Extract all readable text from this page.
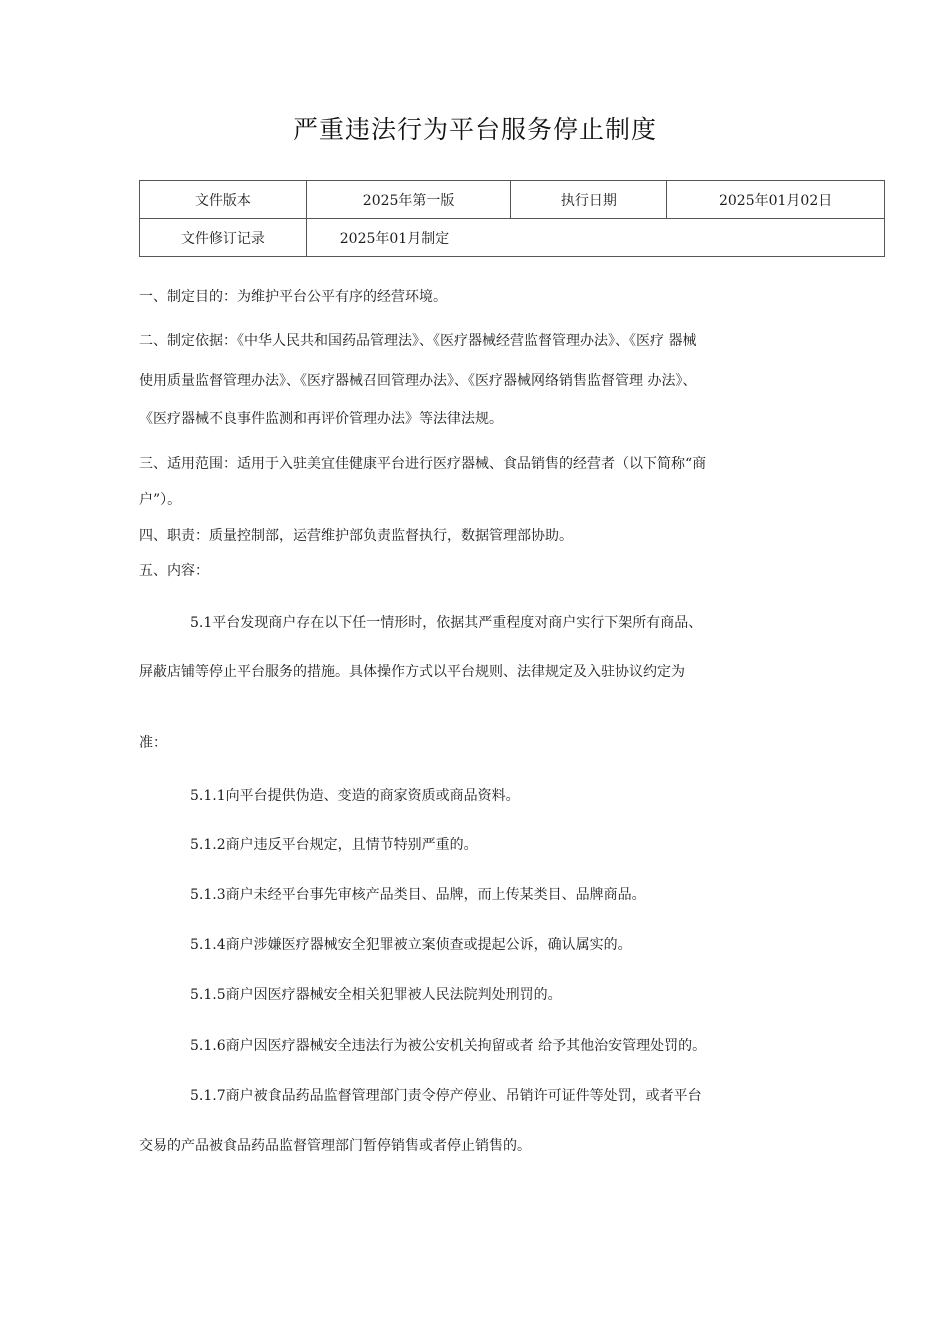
严重违法行为平台服务停止制度
文件版本	2025年第一版	执行日期	2025年01月02日
文件修订记录	2025年01月制定		
一、制定目的：为维护平台公平有序的经营环境。
二、制定依据：《中华人民共和国药品管理法》、《医疗器械经营监督管理办法》、《医疗 器械
使用质量监督管理办法》、《医疗器械召回管理办法》、《医疗器械网络销售监督管理 办法》、
《医疗器械不良事件监测和再评价管理办法》等法律法规。
三、适用范围：适用于入驻美宜佳健康平台进行医疗器械、食品销售的经营者（以下简称“商
户”）。
四、职责：质量控制部，运营维护部负责监督执行，数据管理部协助。
五、内容：
5.1平台发现商户存在以下任一情形时，依据其严重程度对商户实行下架所有商品、
屏蔽店铺等停止平台服务的措施。具体操作方式以平台规则、法律规定及入驻协议约定为
准：
5.1.1向平台提供伪造、变造的商家资质或商品资料。
5.1.2商户违反平台规定，且情节特别严重的。
5.1.3商户未经平台事先审核产品类目、品牌，而上传某类目、品牌商品。
5.1.4商户涉嫌医疗器械安全犯罪被立案侦查或提起公诉，确认属实的。
5.1.5商户因医疗器械安全相关犯罪被人民法院判处刑罚的。
5.1.6商户因医疗器械安全违法行为被公安机关拘留或者 给予其他治安管理处罚的。
5.1.7商户被食品药品监督管理部门责令停产停业、吊销许可证件等处罚，或者平台
交易的产品被食品药品监督管理部门暂停销售或者停止销售的。
